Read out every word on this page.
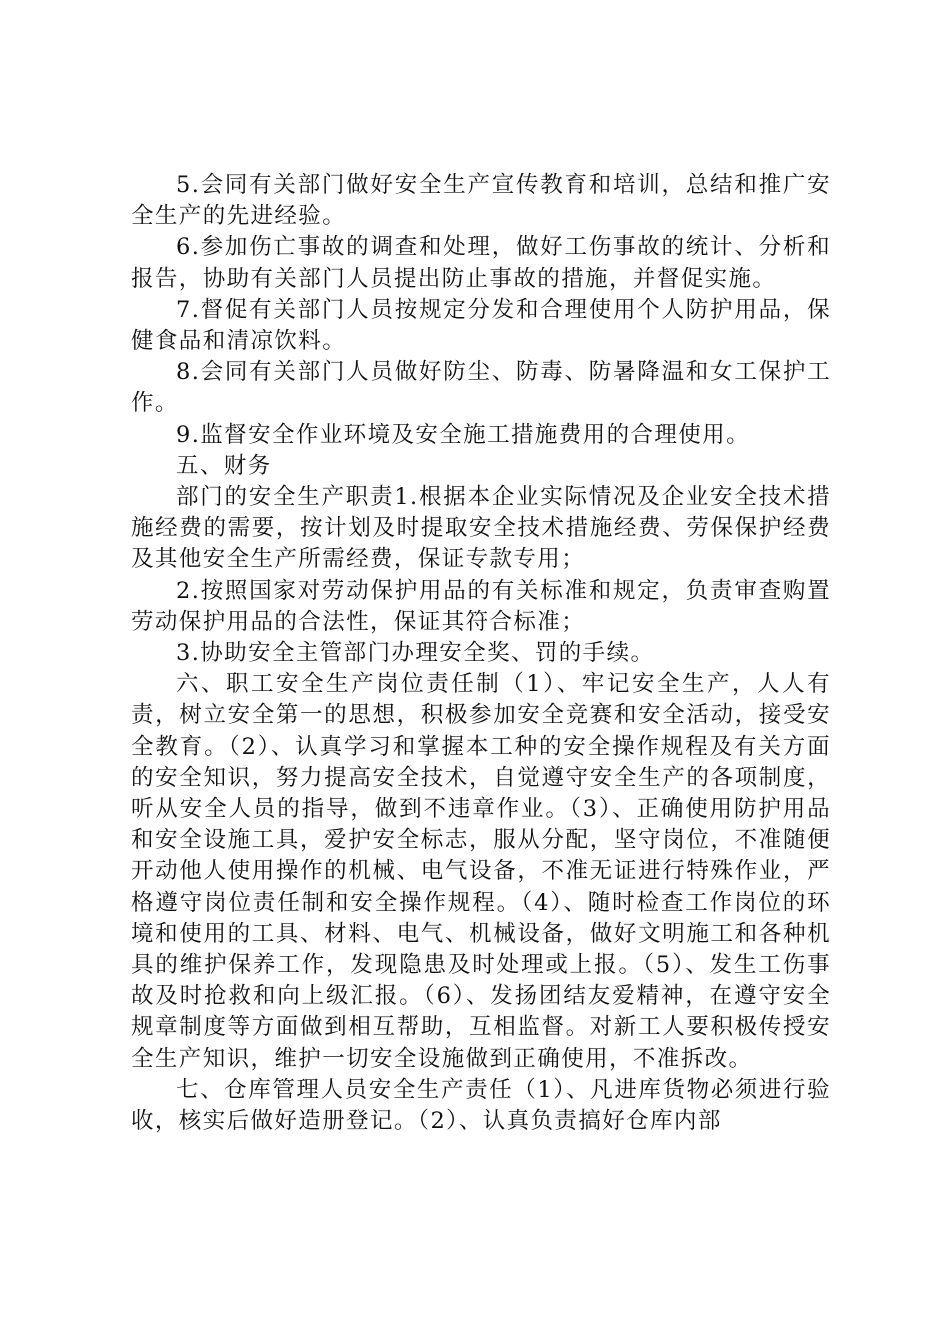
5.会同有关部门做好安全生产宣传教育和培训，总结和推广安全生产的先进经验。

6.参加伤亡事故的调查和处理，做好工伤事故的统计、分析和报告，协助有关部门人员提出防止事故的措施，并督促实施。

7.督促有关部门人员按规定分发和合理使用个人防护用品，保健食品和清凉饮料。

8.会同有关部门人员做好防尘、防毒、防暑降温和女工保护工作。

9.监督安全作业环境及安全施工措施费用的合理使用。

五、财务

部门的安全生产职责1.根据本企业实际情况及企业安全技术措施经费的需要，按计划及时提取安全技术措施经费、劳保保护经费及其他安全生产所需经费，保证专款专用；

2.按照国家对劳动保护用品的有关标准和规定，负责审查购置劳动保护用品的合法性，保证其符合标准；

3.协助安全主管部门办理安全奖、罚的手续。

六、职工安全生产岗位责任制（1）、牢记安全生产，人人有责，树立安全第一的思想，积极参加安全竞赛和安全活动，接受安全教育。（2）、认真学习和掌握本工种的安全操作规程及有关方面的安全知识，努力提高安全技术，自觉遵守安全生产的各项制度，听从安全人员的指导，做到不违章作业。（3）、正确使用防护用品和安全设施工具，爱护安全标志，服从分配，坚守岗位，不准随便开动他人使用操作的机械、电气设备，不准无证进行特殊作业，严格遵守岗位责任制和安全操作规程。（4）、随时检查工作岗位的环境和使用的工具、材料、电气、机械设备，做好文明施工和各种机具的维护保养工作，发现隐患及时处理或上报。（5）、发生工伤事故及时抢救和向上级汇报。（6）、发扬团结友爱精神，在遵守安全规章制度等方面做到相互帮助，互相监督。对新工人要积极传授安全生产知识，维护一切安全设施做到正确使用，不准拆改。

七、仓库管理人员安全生产责任（1）、凡进库货物必须进行验收，核实后做好造册登记。（2）、认真负责搞好仓库内部
